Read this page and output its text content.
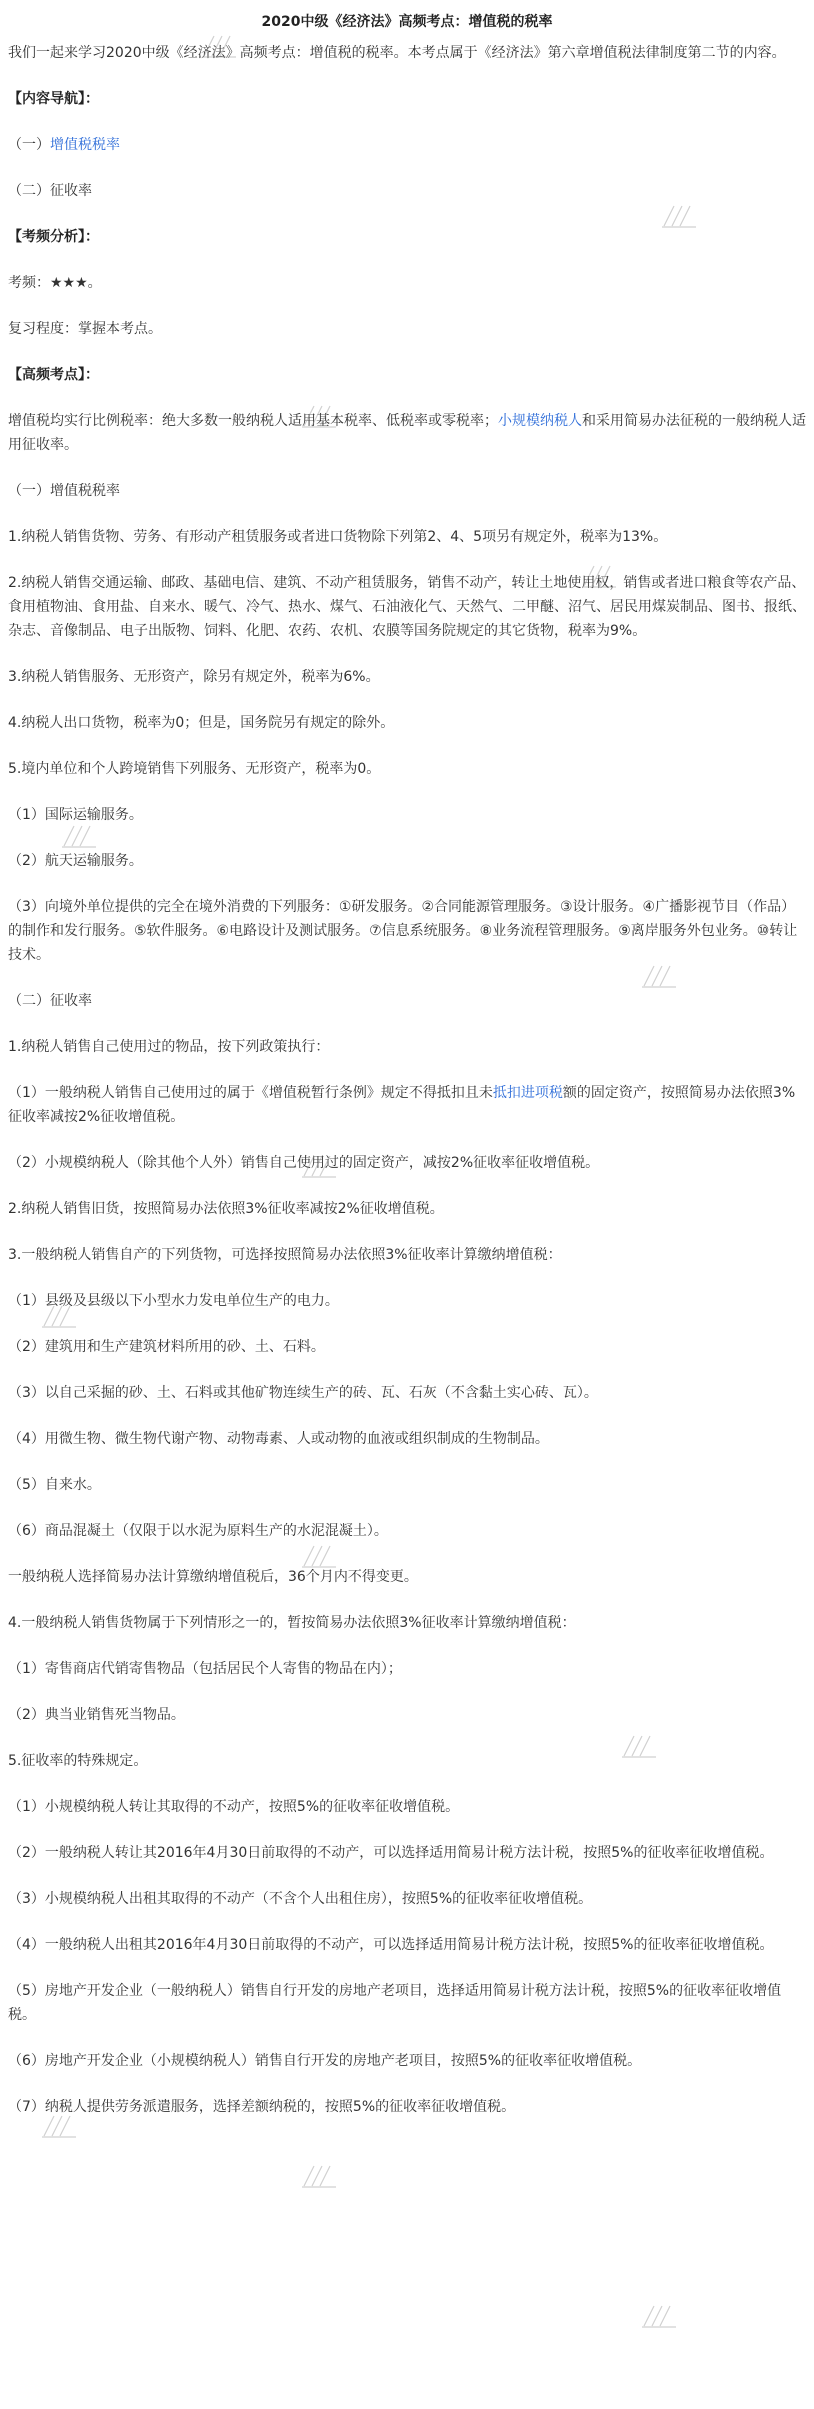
2020中级《经济法》高频考点：增值税的税率

我们一起来学习2020中级《经济法》高频考点：增值税的税率。本考点属于《经济法》第六章增值税法律制度第二节的内容。

【内容导航】：

（一）增值税税率

（二）征收率

【考频分析】：

考频：★★★。

复习程度：掌握本考点。

【高频考点】：

增值税均实行比例税率：绝大多数一般纳税人适用基本税率、低税率或零税率；小规模纳税人和采用简易办法征税的一般纳税人适用征收率。

（一）增值税税率

1.纳税人销售货物、劳务、有形动产租赁服务或者进口货物除下列第2、4、5项另有规定外，税率为13%。

2.纳税人销售交通运输、邮政、基础电信、建筑、不动产租赁服务，销售不动产，转让土地使用权，销售或者进口粮食等农产品、食用植物油、食用盐、自来水、暖气、冷气、热水、煤气、石油液化气、天然气、二甲醚、沼气、居民用煤炭制品、图书、报纸、杂志、音像制品、电子出版物、饲料、化肥、农药、农机、农膜等国务院规定的其它货物，税率为9%。

3.纳税人销售服务、无形资产，除另有规定外，税率为6%。

4.纳税人出口货物，税率为0；但是，国务院另有规定的除外。

5.境内单位和个人跨境销售下列服务、无形资产，税率为0。

（1）国际运输服务。

（2）航天运输服务。

（3）向境外单位提供的完全在境外消费的下列服务：①研发服务。②合同能源管理服务。③设计服务。④广播影视节目（作品）的制作和发行服务。⑤软件服务。⑥电路设计及测试服务。⑦信息系统服务。⑧业务流程管理服务。⑨离岸服务外包业务。⑩转让技术。

（二）征收率

1.纳税人销售自己使用过的物品，按下列政策执行：

（1）一般纳税人销售自己使用过的属于《增值税暂行条例》规定不得抵扣且未抵扣进项税额的固定资产，按照简易办法依照3%征收率减按2%征收增值税。

（2）小规模纳税人（除其他个人外）销售自己使用过的固定资产，减按2%征收率征收增值税。

2.纳税人销售旧货，按照简易办法依照3%征收率减按2%征收增值税。

3.一般纳税人销售自产的下列货物，可选择按照简易办法依照3%征收率计算缴纳增值税：

（1）县级及县级以下小型水力发电单位生产的电力。

（2）建筑用和生产建筑材料所用的砂、土、石料。

（3）以自己采掘的砂、土、石料或其他矿物连续生产的砖、瓦、石灰（不含黏土实心砖、瓦）。

（4）用微生物、微生物代谢产物、动物毒素、人或动物的血液或组织制成的生物制品。

（5）自来水。

（6）商品混凝土（仅限于以水泥为原料生产的水泥混凝土）。

一般纳税人选择简易办法计算缴纳增值税后，36个月内不得变更。

4.一般纳税人销售货物属于下列情形之一的，暂按简易办法依照3%征收率计算缴纳增值税：

（1）寄售商店代销寄售物品（包括居民个人寄售的物品在内）；

（2）典当业销售死当物品。

5.征收率的特殊规定。

（1）小规模纳税人转让其取得的不动产，按照5%的征收率征收增值税。

（2）一般纳税人转让其2016年4月30日前取得的不动产，可以选择适用简易计税方法计税，按照5%的征收率征收增值税。

（3）小规模纳税人出租其取得的不动产（不含个人出租住房），按照5%的征收率征收增值税。

（4）一般纳税人出租其2016年4月30日前取得的不动产，可以选择适用简易计税方法计税，按照5%的征收率征收增值税。

（5）房地产开发企业（一般纳税人）销售自行开发的房地产老项目，选择适用简易计税方法计税，按照5%的征收率征收增值税。

（6）房地产开发企业（小规模纳税人）销售自行开发的房地产老项目，按照5%的征收率征收增值税。

（7）纳税人提供劳务派遣服务，选择差额纳税的，按照5%的征收率征收增值税。
